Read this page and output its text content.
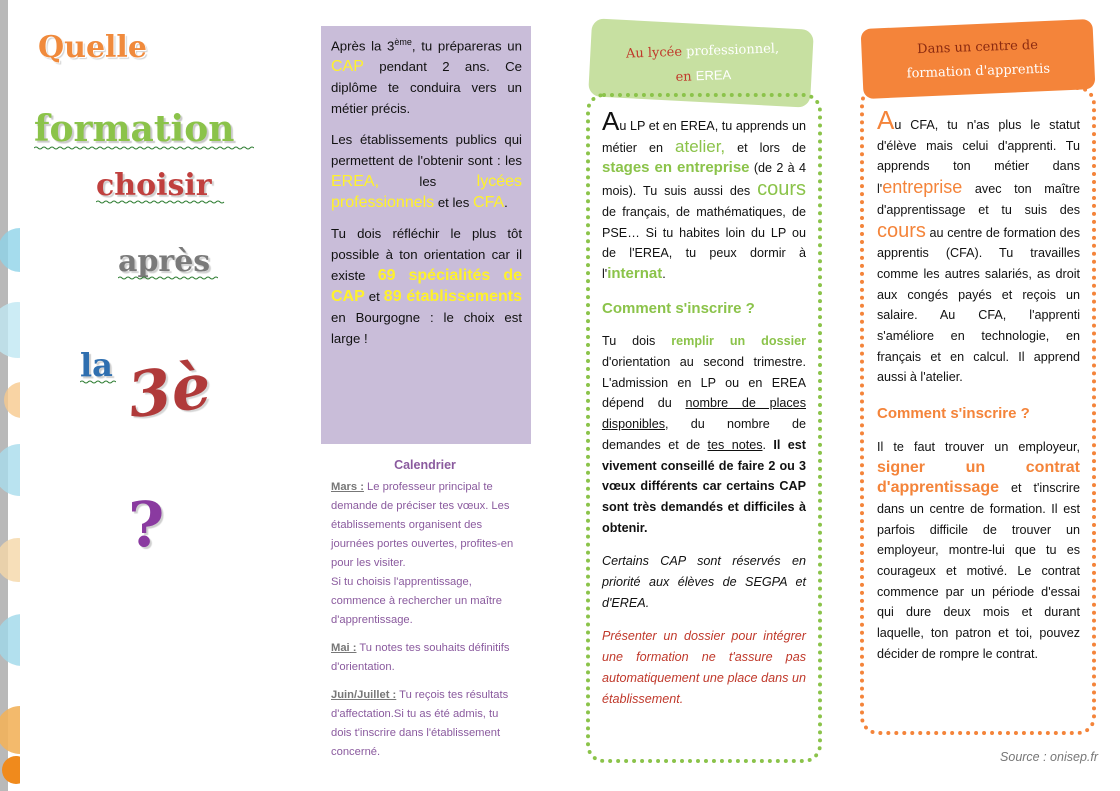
Quelle
formation
choisir
après
la 3è
?

Après la 3ème, tu prépareras un CAP pendant 2 ans. Ce diplôme te conduira vers un métier précis.

Les établissements publics qui permettent de l'obtenir sont : les EREA, les lycées professionnels et les CFA.

Tu dois réfléchir le plus tôt possible à ton orientation car il existe 69 spécialités de CAP et 89 établissements en Bourgogne : le choix est large !

Calendrier

Mars : Le professeur principal te demande de préciser tes vœux. Les établissements organisent des journées portes ouvertes, profites-en pour les visiter.
Si tu choisis l'apprentissage, commence à rechercher un maître d'apprentissage.

Mai : Tu notes tes souhaits définitifs d'orientation.

Juin/Juillet : Tu reçois tes résultats d'affectation.Si tu as été admis, tu dois t'inscrire dans l'établissement concerné.

Au lycée professionnel,
en EREA

Au LP et en EREA, tu apprends un métier en atelier, et lors de stages en entreprise (de 2 à 4 mois). Tu suis aussi des cours de français, de mathématiques, de PSE… Si tu habites loin du LP ou de l'EREA, tu peux dormir à l'internat.

Comment s'inscrire ?

Tu dois remplir un dossier d'orientation au second trimestre. L'admission en LP ou en EREA dépend du nombre de places disponibles, du nombre de demandes et de tes notes. Il est vivement conseillé de faire 2 ou 3 vœux différents car certains CAP sont très demandés et difficiles à obtenir.

Certains CAP sont réservés en priorité aux élèves de SEGPA et d'EREA.

Présenter un dossier pour intégrer une formation ne t'assure pas automatiquement une place dans un établissement.

Dans un centre de
formation d'apprentis

Au CFA, tu n'as plus le statut d'élève mais celui d'apprenti. Tu apprends ton métier dans l'entreprise avec ton maître d'apprentissage et tu suis des cours au centre de formation des apprentis (CFA). Tu travailles comme les autres salariés, as droit aux congés payés et reçois un salaire. Au CFA, l'apprenti s'améliore en technologie, en français et en calcul. Il apprend aussi à l'atelier.

Comment s'inscrire ?

Il te faut trouver un employeur, signer un contrat d'apprentissage et t'inscrire dans un centre de formation. Il est parfois difficile de trouver un employeur, montre-lui que tu es courageux et motivé. Le contrat commence par un période d'essai qui dure deux mois et durant laquelle, ton patron et toi, pouvez décider de rompre le contrat.

Source : onisep.fr
